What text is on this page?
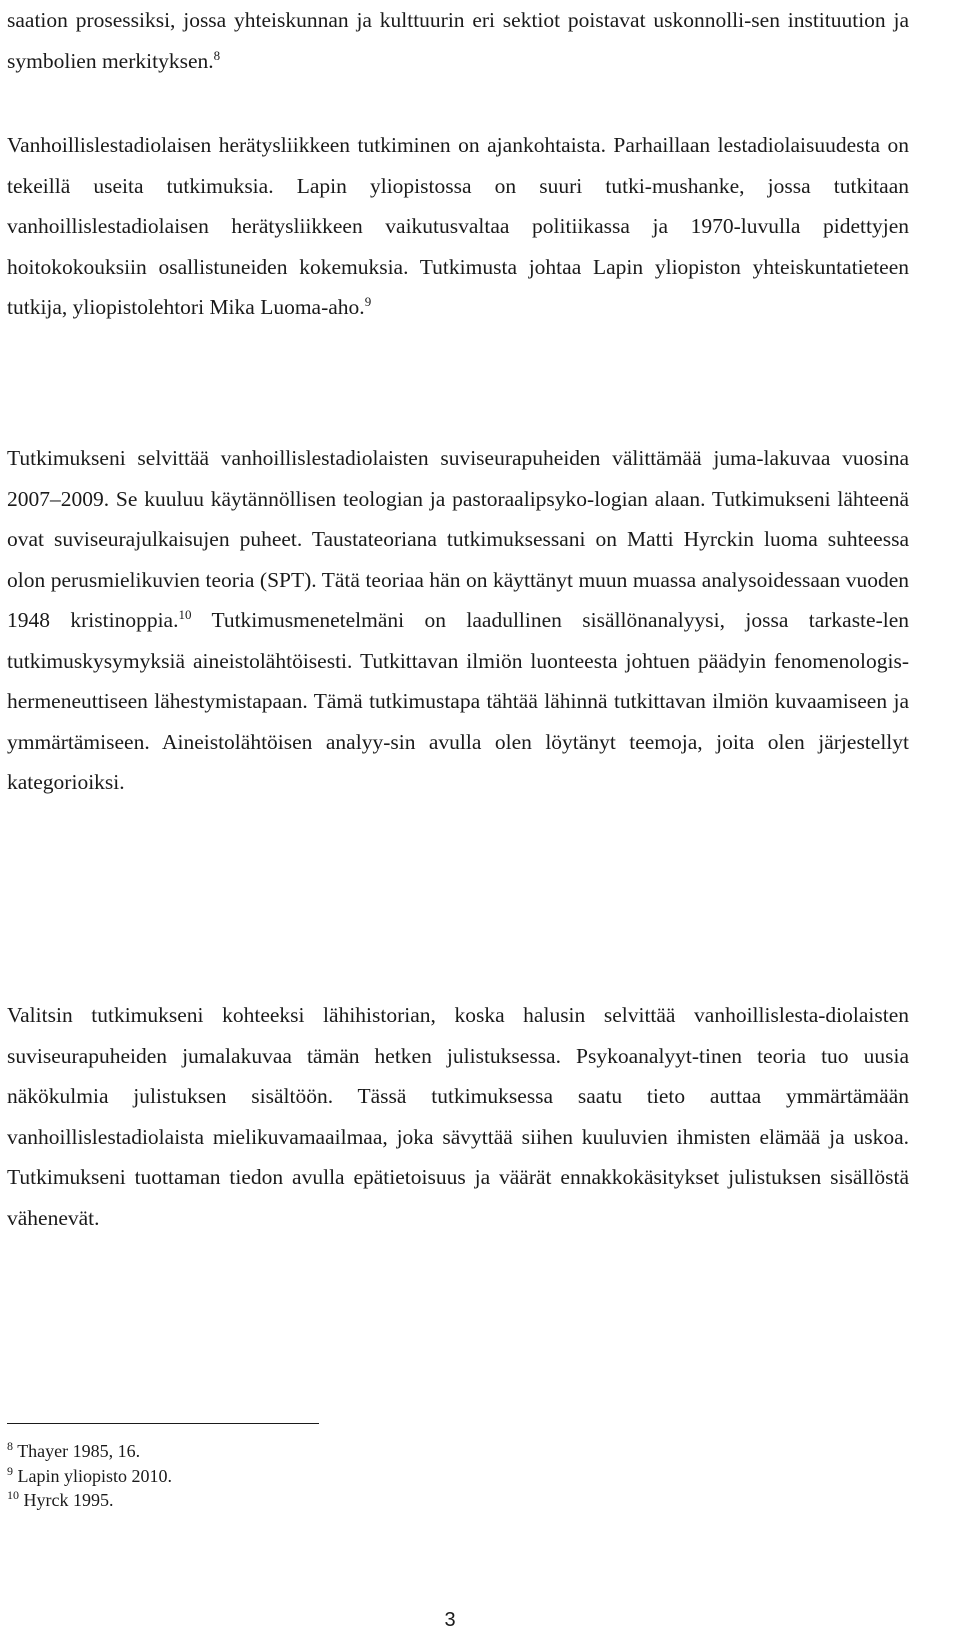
saation prosessiksi, jossa yhteiskunnan ja kulttuurin eri sektiot poistavat uskonnolli-sen instituution ja symbolien merkityksen.$^8$

Vanhoillislestadiolaisen herätysliikkeen tutkiminen on ajankohtaista. Parhaillaan lestadiolaisuudesta on tekeillä useita tutkimuksia. Lapin yliopistossa on suuri tutki-mushanke, jossa tutkitaan vanhoillislestadiolaisen herätysliikkeen vaikutusvaltaa politiikassa ja 1970-luvulla pidettyjen hoitokokouksiin osallistuneiden kokemuksia. Tutkimusta johtaa Lapin yliopiston yhteiskuntatieteen tutkija, yliopistolehtori Mika Luoma-aho.$^9$

Tutkimukseni selvittää vanhoillislestadiolaisten suviseurapuheiden välittämää juma-lakuvaa vuosina 2007–2009. Se kuuluu käytännöllisen teologian ja pastoraalipsyko-logian alaan. Tutkimukseni lähteenä ovat suviseurajulkaisujen puheet. Taustateoriana tutkimuksessani on Matti Hyrckin luoma suhteessa olon perusmielikuvien teoria (SPT). Tätä teoriaa hän on käyttänyt muun muassa analysoidessaan vuoden 1948 kristinoppia.$^{10}$ Tutkimusmenetelmäni on laadullinen sisällönanalyysi, jossa tarkaste-len tutkimuskysymyksiä aineistolähtöisesti. Tutkittavan ilmiön luonteesta johtuen päädyin fenomenologis-hermeneuttiseen lähestymistapaan. Tämä tutkimustapa tähtää lähinnä tutkittavan ilmiön kuvaamiseen ja ymmärtämiseen. Aineistolähtöisen analyy-sin avulla olen löytänyt teemoja, joita olen järjestellyt kategorioiksi.

Valitsin tutkimukseni kohteeksi lähihistorian, koska halusin selvittää vanhoillislesta-diolaisten suviseurapuheiden jumalakuvaa tämän hetken julistuksessa. Psykoanalyyt-tinen teoria tuo uusia näkökulmia julistuksen sisältöön. Tässä tutkimuksessa saatu tieto auttaa ymmärtämään vanhoillislestadiolaista mielikuvamaailmaa, joka sävyttää siihen kuuluvien ihmisten elämää ja uskoa. Tutkimukseni tuottaman tiedon avulla epätietoisuus ja väärät ennakkokäsitykset julistuksen sisällöstä vähenevät.

$^8$ Thayer 1985, 16.
$^9$ Lapin yliopisto 2010.
$^{10}$ Hyrck 1995.
3
